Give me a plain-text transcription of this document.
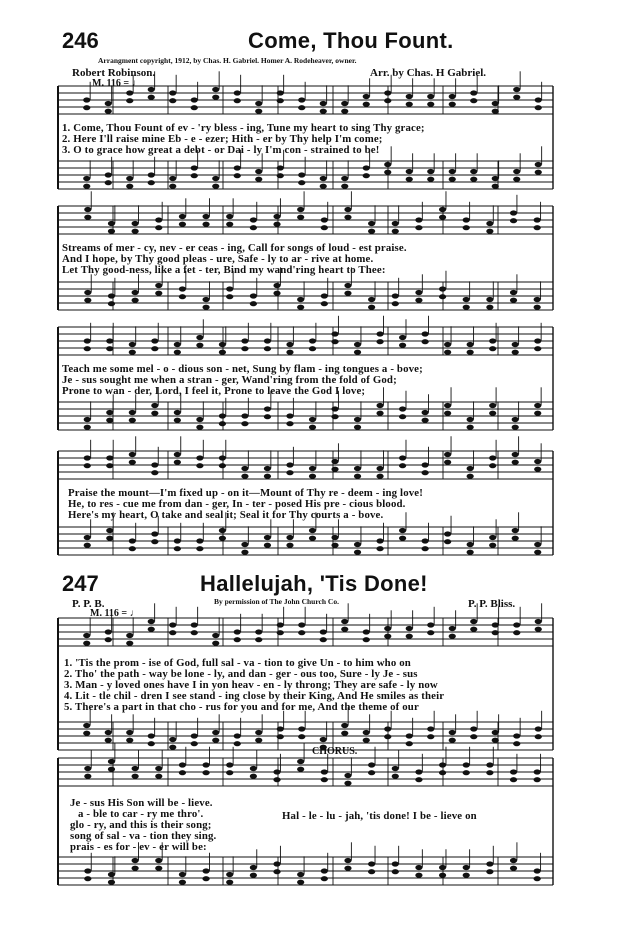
246	Come, Thou Fount.
Arrangment copyright, 1912, by Chas. H. Gabriel. Homer A. Rodeheaver, owner.
Robert Robinson.	Arr. by Chas. H Gabriel.
M. 116 = ♩
1. Come, Thou Fount of ev - 'ry bless - ing, Tune my heart to sing Thy grace;
2. Here I'll raise mine Eb - e - ezer; Hith - er by Thy help I'm come;
3. O to grace how great a debt - or Dai - ly I'm con - strained to be!
Streams of mer - cy, nev - er ceas - ing, Call for songs of loud - est praise.
And I hope, by Thy good pleas - ure, Safe - ly to ar - rive at home.
Let Thy good-ness, like a fet - ter, Bind my wand'ring heart to Thee:
Teach me some mel - o - dious son - net, Sung by flam - ing tongues a - bove;
Je - sus sought me when a stran - ger, Wand'ring from the fold of God;
Prone to wan - der, Lord, I feel it, Prone to leave the God I love;
Praise the mount—I'm fixed up - on it—Mount of Thy re - deem - ing love!
He, to res - cue me from dan - ger, In - ter - posed His pre - cious blood.
Here's my heart, O take and seal it; Seal it for Thy courts a - bove.
247	Hallelujah, 'Tis Done!
P. P. B.	By permission of The John Church Co.	P. P. Bliss.
M. 116 = ♩
1. 'Tis the prom - ise of God, full sal - va - tion to give Un - to him who on
2. Tho' the path - way be lone - ly, and dan - ger - ous too, Sure - ly Je - sus
3. Man - y loved ones have I in yon heav - en - ly throng; They are safe - ly now
4. Lit - tle chil - dren I see stand - ing close by their King, And He smiles as their
5. There's a part in that cho - rus for you and for me, And the theme of our
CHORUS.
Je - sus His Son will be - lieve.
a - ble to car - ry me thro'.
glo - ry, and this is their song;
song of sal - va - tion they sing.
prais - es for - ev - er will be:
Hal - le - lu - jah, 'tis done! I be - lieve on
